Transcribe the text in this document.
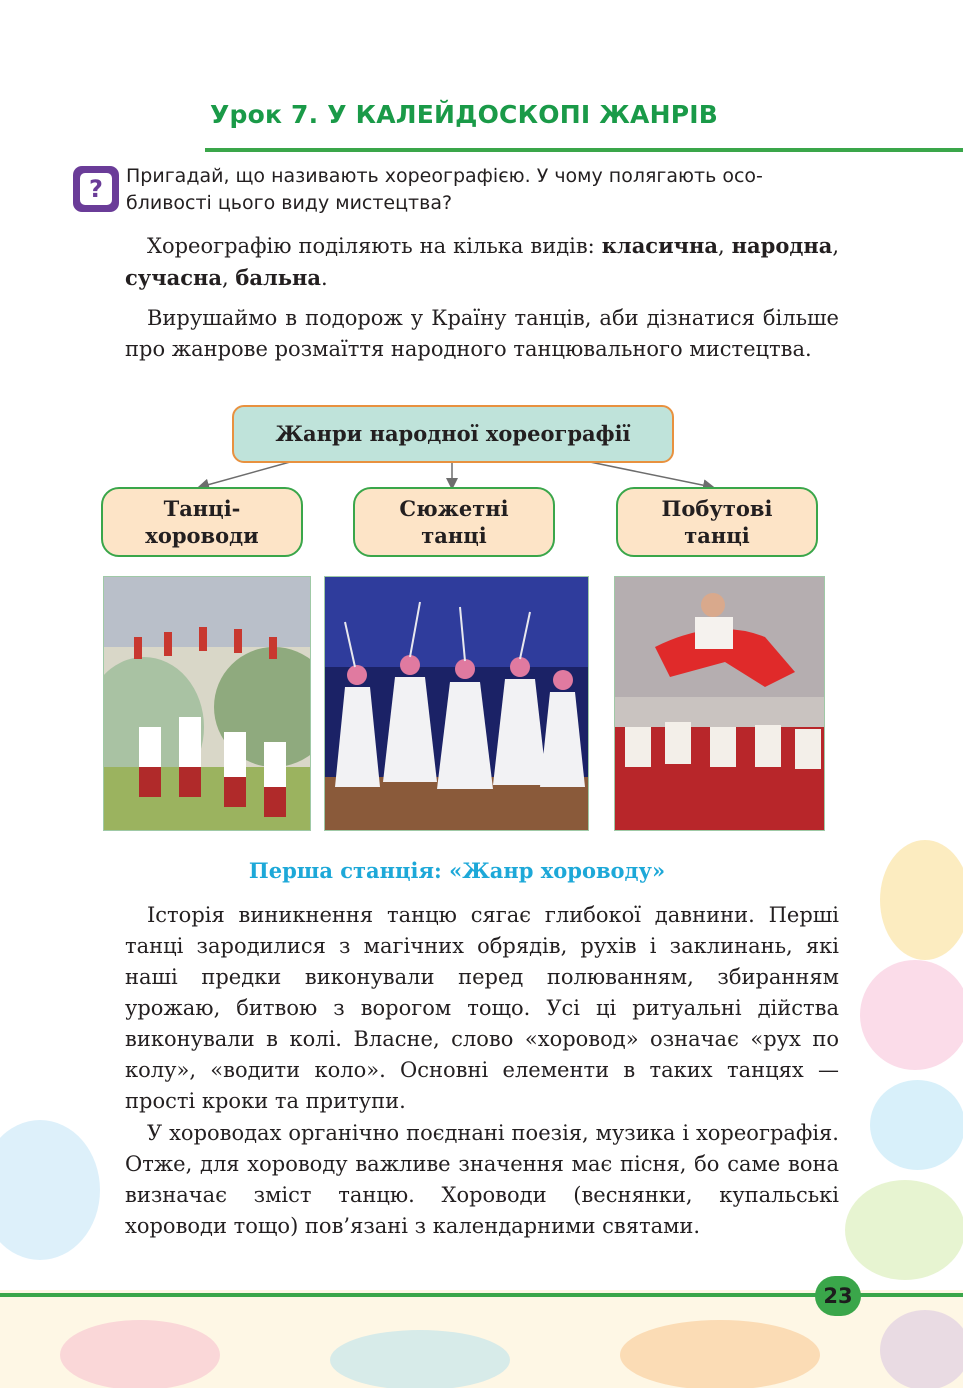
Урок 7. У КАЛЕЙДОСКОПІ ЖАНРІВ
?	Пригадай, що називають хореографією. У чому полягають осо-
бливості цього виду мистецтва?
Хореографію поділяють на кілька видів: класична, народна, сучасна, бальна.
Вирушаймо в подорож у Країну танців, аби дізнатися більше про жанрове розмаїття народного танцювального мистецтва.
Жанри народної хореографії
Танці-
хороводи
Сюжетні
танці
Побутові
танці
Перша станція: «Жанр хороводу»
Історія виникнення танцю сягає глибокої давнини. Перші танці зародилися з магічних обрядів, рухів і заклинань, які наші предки виконували перед полюванням, збиранням урожаю, битвою з ворогом тощо. Усі ці ритуальні дійства виконували в колі. Власне, слово «хоровод» означає «рух по колу», «водити коло». Основні елементи в таких танцях — прості кроки та притупи.
У хороводах органічно поєднані поезія, музика і хореографія. Отже, для хороводу важливе значення має пісня, бо саме вона визначає зміст танцю. Хороводи (веснянки, купальські хороводи тощо) пов’язані з календарними святами.
23
